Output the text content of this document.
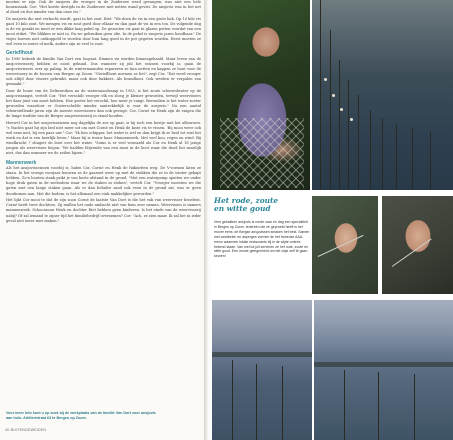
moeten er zijn. Ook de ansjovis die vroeger in de Zuiderzee werd gevangen, was niet een hele bonenstaak. Cor: "Het kostte destijds in de Zuiderzee met netten wand gevist. De ansjovis was in het net al dood en dus minder van dan onze vis."

De ansjovis die niet verkocht wordt, gaat in het zout. Riet: "We doen de vis in een grote bak. Op 10 kilo vis gaat 10 kilo zout. We mengen vis en zout goed door elkaar en dan gaat de vis in een ton. De volgende dag is de vis gezakt en moet er een dikke laag pekel op. De gezouten vis gaat in glazen potten voordat van een mooi etiket. "We blikken er niet in. En we gebruiken geen olie. In de pekel is ansjovis jaren houdbaar." De visjes hoeven niet ontkoppeld te worden door hun lang goed in de pot gegeten worden. Eerst moeten ze wel even in water of melk, anders zijn ze veel te zout.

Gerieflhout

In 1990 bekeek de familie Van Dort een loopsat. Emmen vis werden binnengehaald. Maar leven van de ansjovisvisserij hebben ze nooit gekund. Dus wanneer zij juli het seizoen voorbij is, gaan de ansjovisvissers over op paling. In de wintermaanden repareren ze hun netten en kappen ze hout voor de weervissery in de bossen van Bergen op Zoom. "Gerieflhout noemen ze het", zegt Cor. "Dat werd vroeger ook altijd door vissers gebruikt, maar ook door bakkers. Als brandhout. Ook werden er verpalen van gemaakt."

Door de bouw van de Deltawerken na de watersnoodramp in 1953, is het zoute schiereilwater op de ansjoviszangst, vertelt Cor. "Het verschilt vroeger elk en sloeg je kleiner geworden, terwijl weervissers het daar juist van moet hebben. Hoe groter het verschil, hoe meer je vangt. Bovendien is het water zoeter geworden waardoor er Oosterschelde minder aantrekkelijk is voor de ansjovis." Na een aantal teleurstellende jaren zijn de meeste weervissers dan ook gestopt. Cor, Corné en Henk zijn de enigen die de lange traditie van de Bergse ansjovisvisserij in stand houden.

Hoewel Cor in het ansjovisseizoen nog dagelijks de zee op gaat, is hij toch een beetje met het afbouwen. "s Nachts gaat hij zijn bed niet meer uit om met Corné en Henk de kiste vis te vissen. 'Bij mooi weer ook wel eens met, bij een paar uur." Cor: "Ik ben schipper, het water is wel en dan krijgt ik ze heel tot rust het werk en dat is een heerlijk leven." Maar hij is trouw haar. Mannenwerk. Met veel kou, regen en wind. Bij windkracht 7 slingert de boot over het water. "Soms is er veel vermaeld als Cor en Henk al 18 jarige jongen als weervisser begon. 'We hadden blijvende van een mooi in de boot waar die dood het moeilijk niet, dus dan wanneer we de zeilen hijsen."

Mannenwerk

Als het ansjovisseizoen voorbij is, halen Cor, Corné en Henk de fuiknetten weg. De V-vormen laten ze staan. In het vroege voorjaar bouwen ze de gaasnet weer op met de stokken die ze in de winter gekapt hebben. Zo'n houten staak prikt je van korte afstand in de grond. "Met een waterpomp spuiten we onder hoge druk gaten in de zeebodem waar we de staken in steken", vertelt Cor. "Vroeger moesten we die gaten met een lange staken gaan. Als er dan behalve zand ook veen in de grond zat, was er geen doorkomen aan. Met die bodem, is het allemaal een stuk makkelijker geworden."

Het lijkt Cor mooi te dat de zijn zoon Corné de laatste Van Dort is die het vak van weervisser beoefent. Corné heeft twee dochters. Zij mullen het oude ambacht niet van hem over nemen. Weervissen is immers mannenwerk. Schoonzoon Henk en dochter Riet hebben geen kinderen. Is het einde van de weervisserij nabij? Of zal iemand te zijner tijd het familiebedrijf overnemen? Cor: "Ach, ze zien maar. Ik zal het in ieder geval niet meer mee maken."

Voor meer info kunt u op zoek bij de werkplaats van de familie Van Dort voor ansjovis aan huis: Artillerietraat 63 te Bergen op Zoom.
40 BUITENGEWEIDEN
Het rode, zoute
en witte goud
Vers gebakken ansjovis is ronde zaar en dag een specialiteit in Bergen op Zoom. Iedereen die ze geproefd heeft is het erover eens: de Bergse ansjovissen smaken het best. Samen met aardbeien en asperges vormen de het fameuze AAA-menu waarmee lokale restaurants bij in de wijde omtrek bekend staan. Van mei tot juli serveren ze het rode, zoute en witte goud. Een mooie gelegenheid om het visje zelf te gaan keuren!
